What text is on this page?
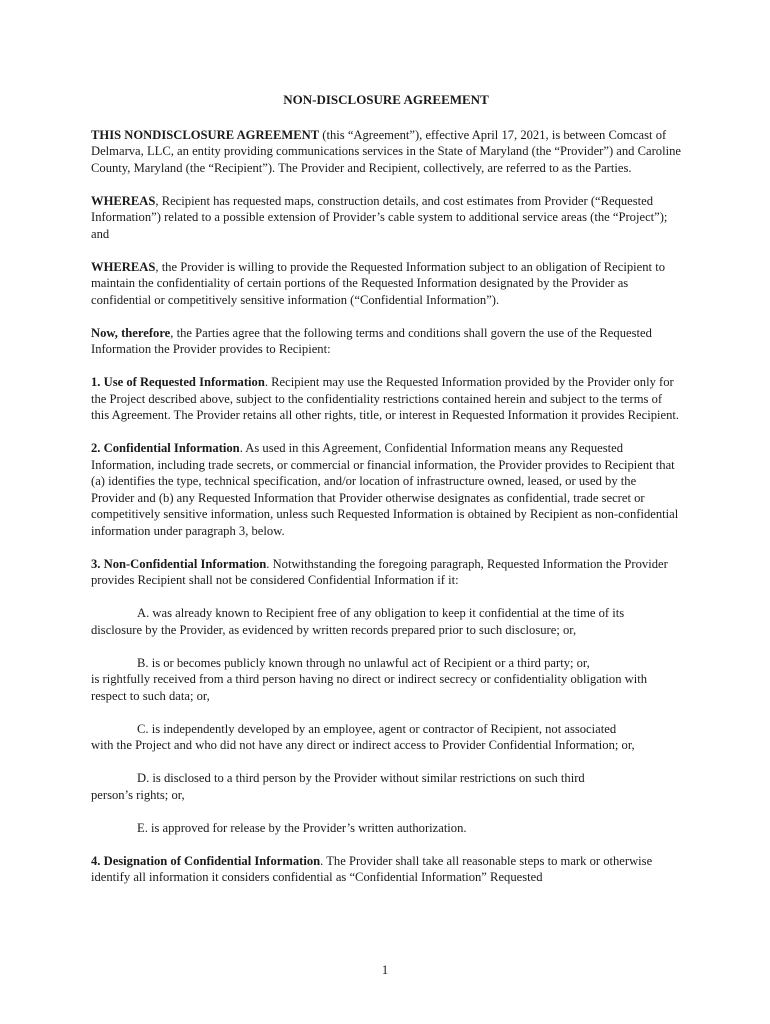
NON-DISCLOSURE AGREEMENT

THIS NONDISCLOSURE AGREEMENT (this “Agreement”), effective April 17, 2021, is between Comcast of Delmarva, LLC, an entity providing communications services in the State of Maryland (the “Provider”) and Caroline County, Maryland (the “Recipient”). The Provider and Recipient, collectively, are referred to as the Parties.

WHEREAS, Recipient has requested maps, construction details, and cost estimates from Provider (“Requested Information”) related to a possible extension of Provider’s cable system to additional service areas (the “Project”); and

WHEREAS, the Provider is willing to provide the Requested Information subject to an obligation of Recipient to maintain the confidentiality of certain portions of the Requested Information designated by the Provider as confidential or competitively sensitive information (“Confidential Information”).

Now, therefore, the Parties agree that the following terms and conditions shall govern the use of the Requested Information the Provider provides to Recipient:

1. Use of Requested Information. Recipient may use the Requested Information provided by the Provider only for the Project described above, subject to the confidentiality restrictions contained herein and subject to the terms of this Agreement. The Provider retains all other rights, title, or interest in Requested Information it provides Recipient.

2. Confidential Information. As used in this Agreement, Confidential Information means any Requested Information, including trade secrets, or commercial or financial information, the Provider provides to Recipient that (a) identifies the type, technical specification, and/or location of infrastructure owned, leased, or used by the Provider and (b) any Requested Information that Provider otherwise designates as confidential, trade secret or competitively sensitive information, unless such Requested Information is obtained by Recipient as non-confidential information under paragraph 3, below.

3. Non-Confidential Information. Notwithstanding the foregoing paragraph, Requested Information the Provider provides Recipient shall not be considered Confidential Information if it:

A. was already known to Recipient free of any obligation to keep it confidential at the time of its
disclosure by the Provider, as evidenced by written records prepared prior to such disclosure; or,
B. is or becomes publicly known through no unlawful act of Recipient or a third party; or,
is rightfully received from a third person having no direct or indirect secrecy or confidentiality obligation with respect to such data; or,
C. is independently developed by an employee, agent or contractor of Recipient, not associated
with the Project and who did not have any direct or indirect access to Provider Confidential Information; or,
D. is disclosed to a third person by the Provider without similar restrictions on such third
person’s rights; or,
E. is approved for release by the Provider’s written authorization.

4. Designation of Confidential Information. The Provider shall take all reasonable steps to mark or otherwise identify all information it considers confidential as “Confidential Information” Requested

1
